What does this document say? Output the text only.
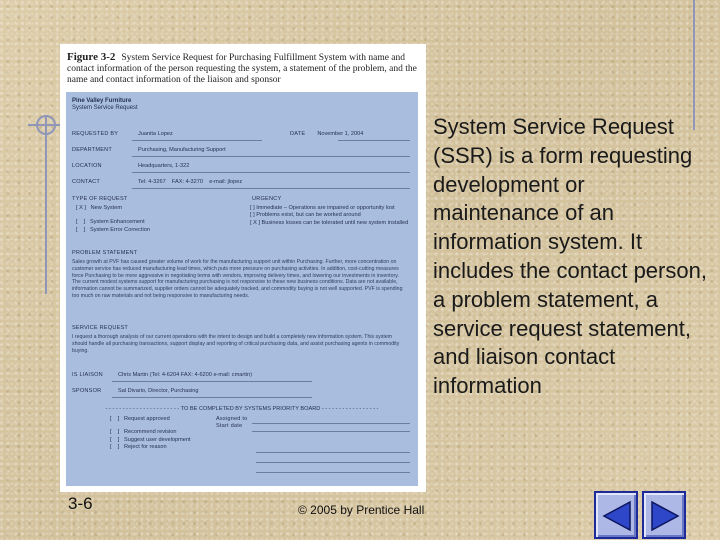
Figure 3-2 System Service Request for Purchasing Fulfillment System with name and contact information of the person requesting the system, a statement of the problem, and the name and contact information of the liaison and sponsor
Pine Valley Furniture
System Service Request
REQUESTED BY	Juanita Lopez	DATE November 1, 2004
DEPARTMENT	Purchasing, Manufacturing Support
LOCATION	Headquarters, 1-322
CONTACT	Tel: 4-3267    FAX: 4-3270    e-mail: jlopez
TYPE OF REQUEST	URGENCY
[ X ]   New System
[    ]   System Enhancement
[    ]   System Error Correction
[ ] Immediate – Operations are impaired or opportunity lost
[ ] Problems exist, but can be worked around
[ X ] Business losses can be tolerated until new system installed
PROBLEM STATEMENT
Sales growth at PVF has caused greater volume of work for the manufacturing support unit within Purchasing. Further, more concentration on customer service has reduced manufacturing lead times, which puts more pressure on purchasing activities. In addition, cost-cutting measures force Purchasing to be more aggressive in negotiating terms with vendors, improving delivery times, and lowering our investments in inventory. The current modest systems support for manufacturing purchasing is not responsive to these new business conditions. Data are not available, information cannot be summarized, supplier orders cannot be adequately tracked, and commodity buying is not well supported. PVF is spending too much on raw materials and not being responsive to manufacturing needs.
SERVICE REQUEST
I request a thorough analysis of our current operations with the intent to design and build a completely new information system. This system should handle all purchasing transactions, support display and reporting of critical purchasing data, and assist purchasing agents in commodity buying.
IS LIAISON	Chris Martin (Tel: 4-6204 FAX: 4-6200 e-mail: cmartin)
SPONSOR	Sal Divario, Director, Purchasing
- - - - - - - - - - - - - - - - - - - - - - TO BE COMPLETED BY SYSTEMS PRIORITY BOARD - - - - - - - - - - - - - - - - -
[    ]   Request approved
[    ]   Recommend revision
[    ]   Suggest user development
[    ]   Reject for reason
Assigned to
Start date
System Service Request (SSR) is a form requesting development or maintenance of an information system. It includes the contact person, a problem statement, a service request statement, and liaison contact information
3-6	© 2005 by Prentice Hall
